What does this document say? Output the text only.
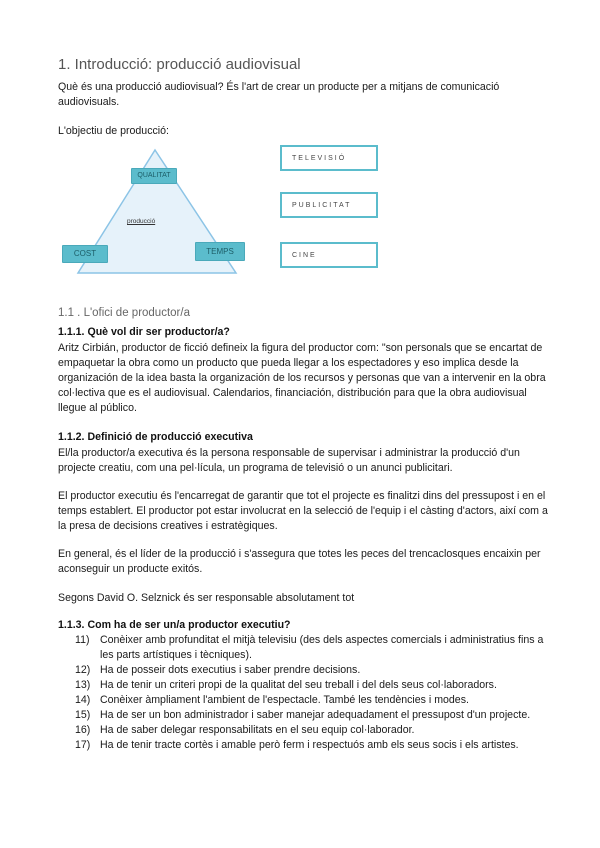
1. Introducció: producció audiovisual
Què és una producció audiovisual? És l'art de crear un producte per a mitjans de comunicació audiovisuals.
L'objectiu de producció:
QUALITAT
COST	TEMPS
producció
TELEVISIÓ
PUBLICITAT
CINE
1.1 . L'ofici de productor/a
1.1.1. Què vol dir ser productor/a?
Aritz Cirbián, productor de ficció defineix la figura del productor com: "son personals que se encartat de empaquetar la obra como un producto que pueda llegar a los espectadores y eso implica desde la organización de la idea basta la organización de los recursos y personas que van a intervenir en la obra col·lectiva que es el audiovisual. Calendarios, financiación, distribución para que la obra audiovisual llegue al público.
1.1.2. Definició de producció executiva
El/la productor/a executiva és la persona responsable de supervisar i administrar la producció d'un projecte creatiu, com una pel·lícula, un programa de televisió o un anunci publicitari.
El productor executiu és l'encarregat de garantir que tot el projecte es finalitzi dins del pressupost i en el temps establert. El productor pot estar involucrat en la selecció de l'equip i el càsting d'actors, així com a la presa de decisions creatives i estratègiques.
En general, és el líder de la producció i s'assegura que totes les peces del trencaclosques encaixin per aconseguir un producte exitós.
Segons David O. Selznick és ser responsable absolutament tot
1.1.3. Com ha de ser un/a productor executiu?
11) Conèixer amb profunditat el mitjà televisiu (des dels aspectes comercials i administratius fins a les parts artístiques i tècniques).
12) Ha de posseir dots executius i saber prendre decisions.
13) Ha de tenir un criteri propi de la qualitat del seu treball i del dels seus col·laboradors.
14) Conèixer àmpliament l'ambient de l'espectacle. També les tendències i modes.
15) Ha de ser un bon administrador i saber manejar adequadament el pressupost d'un projecte.
16) Ha de saber delegar responsabilitats en el seu equip col·laborador.
17) Ha de tenir tracte cortès i amable però ferm i respectuós amb els seus socis i els artistes.
